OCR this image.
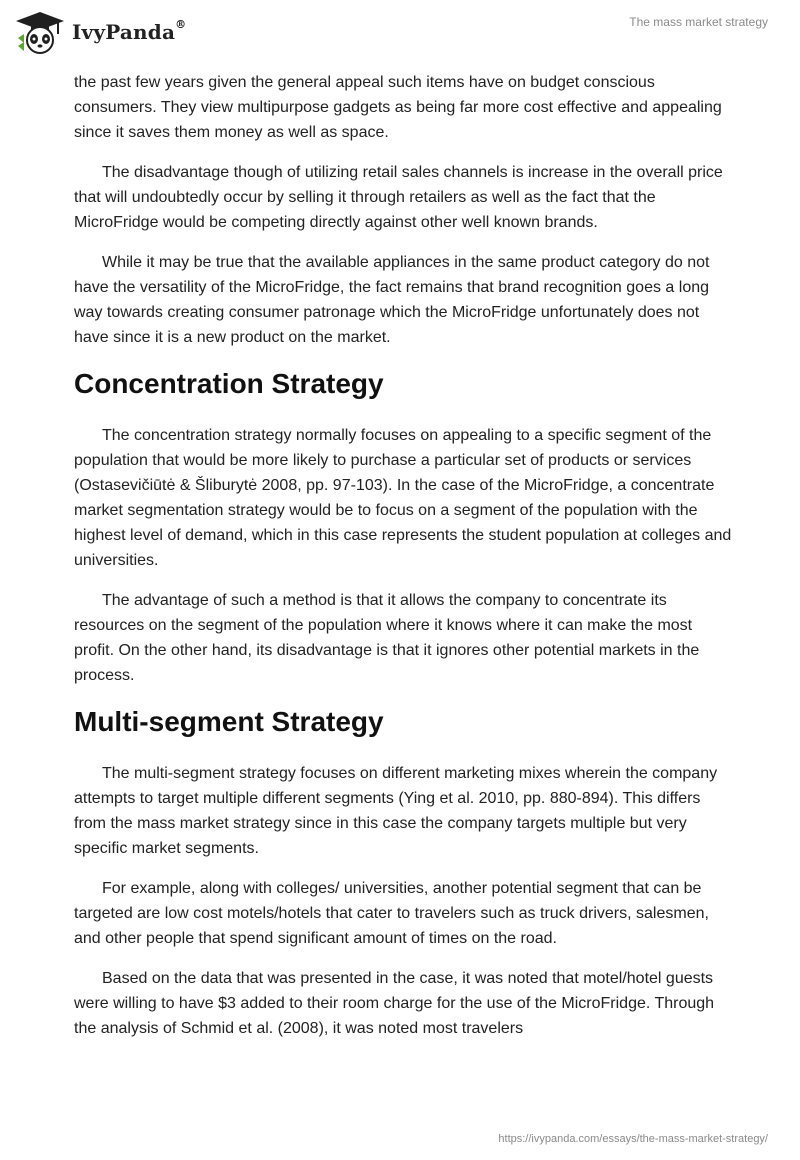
IvyPanda®	The mass market strategy

the past few years given the general appeal such items have on budget conscious consumers. They view multipurpose gadgets as being far more cost effective and appealing since it saves them money as well as space.

The disadvantage though of utilizing retail sales channels is increase in the overall price that will undoubtedly occur by selling it through retailers as well as the fact that the MicroFridge would be competing directly against other well known brands.

While it may be true that the available appliances in the same product category do not have the versatility of the MicroFridge, the fact remains that brand recognition goes a long way towards creating consumer patronage which the MicroFridge unfortunately does not have since it is a new product on the market.

Concentration Strategy

The concentration strategy normally focuses on appealing to a specific segment of the population that would be more likely to purchase a particular set of products or services (Ostasevičiūtė & Šliburytė 2008, pp. 97-103). In the case of the MicroFridge, a concentrate market segmentation strategy would be to focus on a segment of the population with the highest level of demand, which in this case represents the student population at colleges and universities.

The advantage of such a method is that it allows the company to concentrate its resources on the segment of the population where it knows where it can make the most profit. On the other hand, its disadvantage is that it ignores other potential markets in the process.

Multi-segment Strategy

The multi-segment strategy focuses on different marketing mixes wherein the company attempts to target multiple different segments (Ying et al. 2010, pp. 880-894). This differs from the mass market strategy since in this case the company targets multiple but very specific market segments.

For example, along with colleges/ universities, another potential segment that can be targeted are low cost motels/hotels that cater to travelers such as truck drivers, salesmen, and other people that spend significant amount of times on the road.

Based on the data that was presented in the case, it was noted that motel/hotel guests were willing to have $3 added to their room charge for the use of the MicroFridge. Through the analysis of Schmid et al. (2008), it was noted most travelers

https://ivypanda.com/essays/the-mass-market-strategy/
